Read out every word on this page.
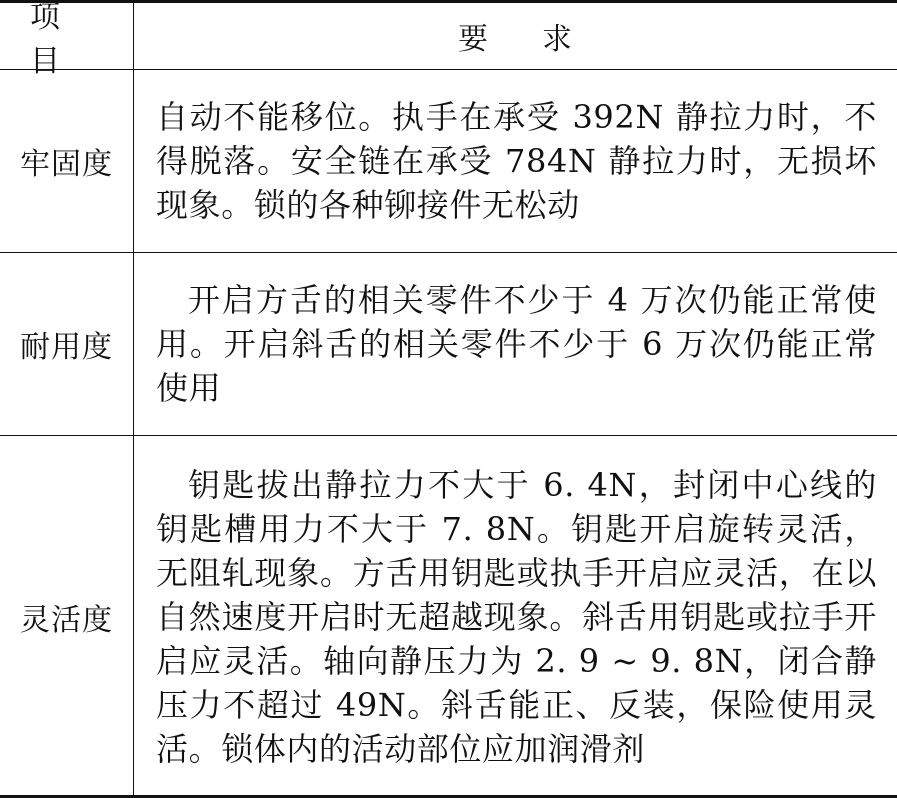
项目
要求
牢固度

自动不能移位。执手在承受 392N 静拉力时，不得脱落。安全链在承受 784N 静拉力时，无损坏现象。锁的各种铆接件无松动

耐用度

开启方舌的相关零件不少于 4 万次仍能正常使用。开启斜舌的相关零件不少于 6 万次仍能正常使用

灵活度

钥匙拔出静拉力不大于 6. 4N，封闭中心线的钥匙槽用力不大于 7. 8N。钥匙开启旋转灵活，无阻轧现象。方舌用钥匙或执手开启应灵活，在以自然速度开启时无超越现象。斜舌用钥匙或拉手开启应灵活。轴向静压力为 2. 9 ~ 9. 8N，闭合静压力不超过 49N。斜舌能正、反装，保险使用灵活。锁体内的活动部位应加润滑剂
